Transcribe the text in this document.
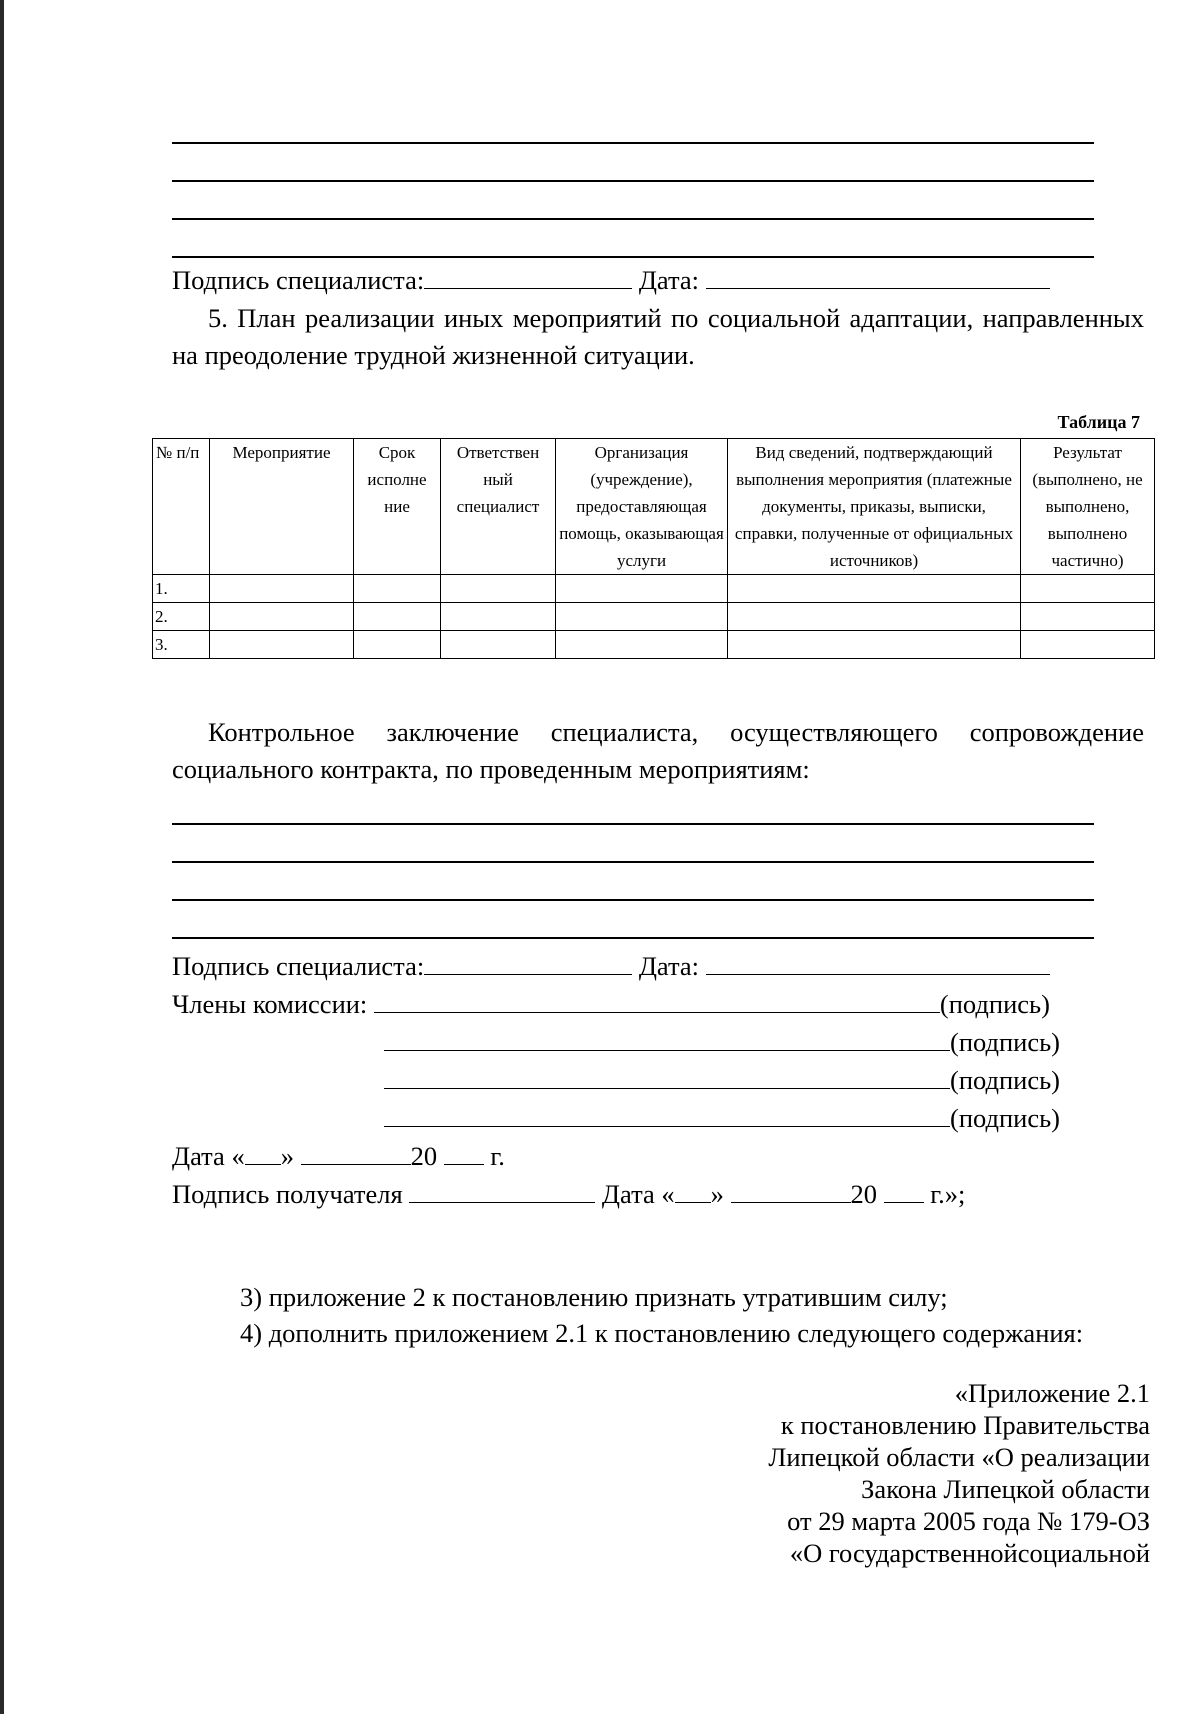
Подпись специалиста:	Дата:

5. План реализации иных мероприятий по социальной адаптации, направленных на преодоление трудной жизненной ситуации.

Таблица 7
№ п/п	Мероприятие	Срок исполне ние	Ответствен ный специалист	Организация (учреждение), предоставляющая помощь, оказывающая услуги	Вид сведений, подтверждающий выполнения мероприятия (платежные документы, приказы, выписки, справки, полученные от официальных источников)	Результат (выполнено, не выполнено, выполнено частично)
1.						
2.						
3.						

Контрольное заключение специалиста, осуществляющего сопровождение социального контракта, по проведенным мероприятиям:

Подпись специалиста:	Дата:
Члены комиссии:	(подпись)
(подпись)
(подпись)
(подпись)
Дата « »	20 г.
Подпись получателя	Дата « »	20 г.»;
3) приложение 2 к постановлению признать утратившим силу;
4) дополнить приложением 2.1 к постановлению следующего содержания:
«Приложение 2.1
к постановлению Правительства
Липецкой области «О реализации
Закона Липецкой области
от 29 марта 2005 года № 179-ОЗ
«О государственнойсоциальной
